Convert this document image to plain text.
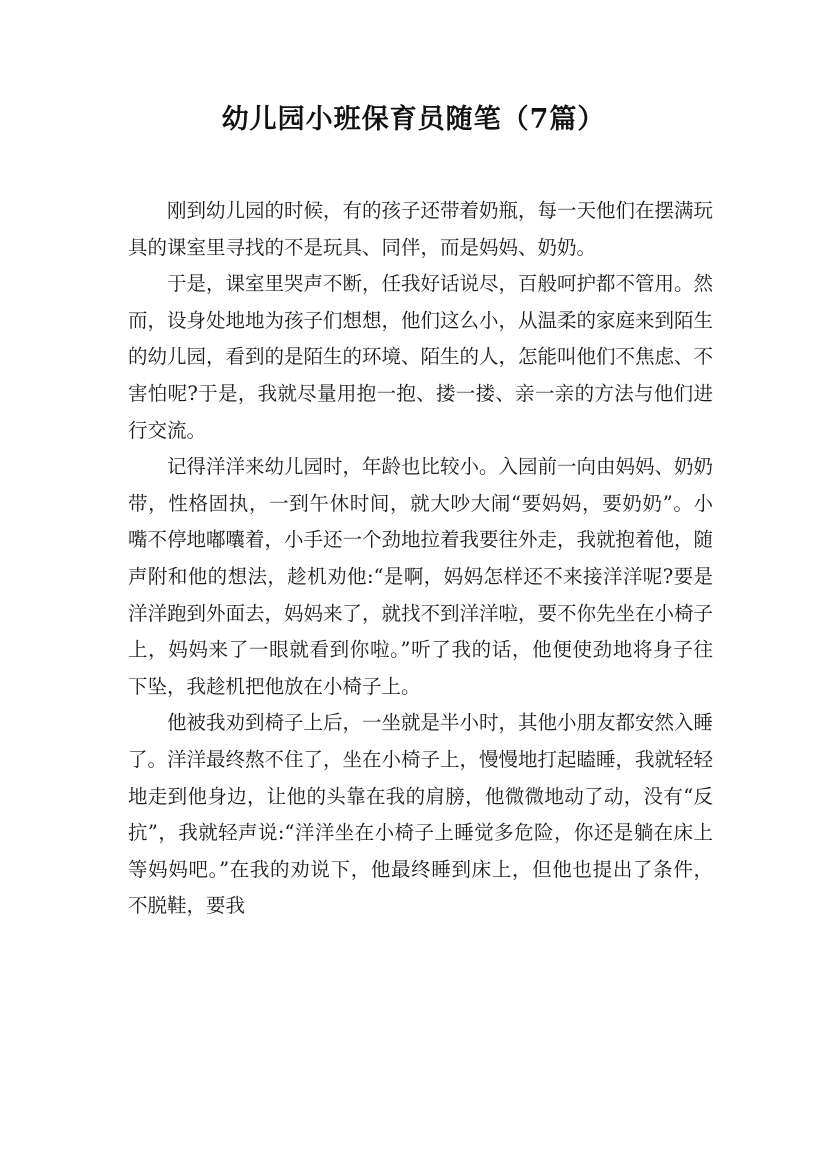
幼儿园小班保育员随笔（7篇）

刚到幼儿园的时候，有的孩子还带着奶瓶，每一天他们在摆满玩具的课室里寻找的不是玩具、同伴，而是妈妈、奶奶。

于是，课室里哭声不断，任我好话说尽，百般呵护都不管用。然而，设身处地地为孩子们想想，他们这么小，从温柔的家庭来到陌生的幼儿园，看到的是陌生的环境、陌生的人，怎能叫他们不焦虑、不害怕呢?于是，我就尽量用抱一抱、搂一搂、亲一亲的方法与他们进行交流。

记得洋洋来幼儿园时，年龄也比较小。入园前一向由妈妈、奶奶带，性格固执，一到午休时间，就大吵大闹“要妈妈，要奶奶”。小嘴不停地嘟囔着，小手还一个劲地拉着我要往外走，我就抱着他，随声附和他的想法，趁机劝他:“是啊，妈妈怎样还不来接洋洋呢?要是洋洋跑到外面去，妈妈来了，就找不到洋洋啦，要不你先坐在小椅子上，妈妈来了一眼就看到你啦。”听了我的话，他便使劲地将身子往下坠，我趁机把他放在小椅子上。

他被我劝到椅子上后，一坐就是半小时，其他小朋友都安然入睡了。洋洋最终熬不住了，坐在小椅子上，慢慢地打起瞌睡，我就轻轻地走到他身边，让他的头靠在我的肩膀，他微微地动了动，没有“反抗”，我就轻声说:“洋洋坐在小椅子上睡觉多危险，你还是躺在床上等妈妈吧。”在我的劝说下，他最终睡到床上，但他也提出了条件，不脱鞋，要我
